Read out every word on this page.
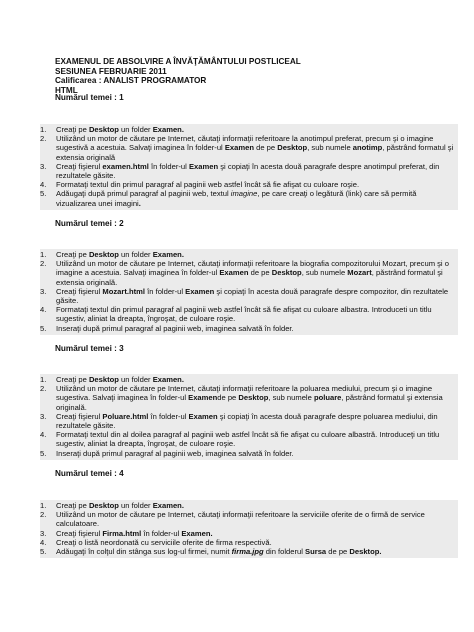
EXAMENUL DE ABSOLVIRE A ÎNVĂŢĂMÂNTULUI POSTLICEAL
SESIUNEA FEBRUARIE 2011
Calificarea : ANALIST PROGRAMATOR
HTML
Numărul temei : 1
1. Creaţi pe Desktop un folder Examen.
2. Utilizând un motor de căutare pe Internet, căutaţi informaţii referitoare la anotimpul preferat, precum şi o imagine sugestivă a acestuia. Salvaţi imaginea în folder-ul Examen de pe Desktop, sub numele anotimp, păstrând formatul şi extensia originală
3. Creaţi fişierul examen.html în folder-ul Examen şi copiaţi în acesta două paragrafe despre anotimpul preferat, din rezultatele găsite.
4. Formataţi textul din primul paragraf al paginii web astfel încât să fie afişat cu culoare roşie.
5. Adăugaţi după primul paragraf al paginii web, textul imagine, pe care creaţi o legătură (link) care să permită vizualizarea unei imagini.
Numărul temei : 2
1. Creaţi pe Desktop un folder Examen.
2. Utilizând un motor de căutare pe Internet, căutaţi informaţii referitoare la biografia compozitorului Mozart, precum şi o imagine a acestuia. Salvaţi imaginea în folder-ul Examen de pe Desktop, sub numele Mozart, păstrând formatul şi extensia originală.
3. Creaţi fişierul Mozart.html în folder-ul Examen şi copiaţi în acesta două paragrafe despre compozitor, din rezultatele găsite.
4. Formataţi textul din primul paragraf al paginii web astfel încât să fie afişat cu culoare albastra. Introduceti un titlu sugestiv, aliniat la dreapta, îngroşat, de culoare roşie.
5. Inseraţi după primul paragraf al paginii web, imaginea salvată în folder.
Numărul temei : 3
1. Creaţi pe Desktop un folder Examen.
2. Utilizând un motor de căutare pe Internet, căutaţi informaţii referitoare la poluarea mediului, precum şi o imagine sugestiva. Salvaţi imaginea în folder-ul Examende pe Desktop, sub numele poluare, păstrând formatul şi extensia originală.
3. Creaţi fişierul Poluare.html în folder-ul Examen şi copiaţi în acesta două paragrafe despre poluarea mediului, din rezultatele găsite.
4. Formataţi textul din al doilea paragraf al paginii web astfel încât să fie afişat cu culoare albastră. Introduceţi un titlu sugestiv, aliniat la dreapta, îngroşat, de culoare roşie.
5. Inseraţi după primul paragraf al paginii web, imaginea salvată în folder.
Numărul temei : 4
1. Creaţi pe Desktop un folder Examen.
2. Utilizând un motor de căutare pe Internet, căutaţi informaţii referitoare la serviciile oferite de o firmă de service calculatoare.
3. Creaţi fişierul Firma.html în folder-ul Examen.
4. Creaţi o listă neordonată cu serviciile oferite de firma respectivă.
5. Adăugaţi în colţul din stânga sus log-ul firmei, numit firma.jpg din folderul Sursa de pe Desktop.
